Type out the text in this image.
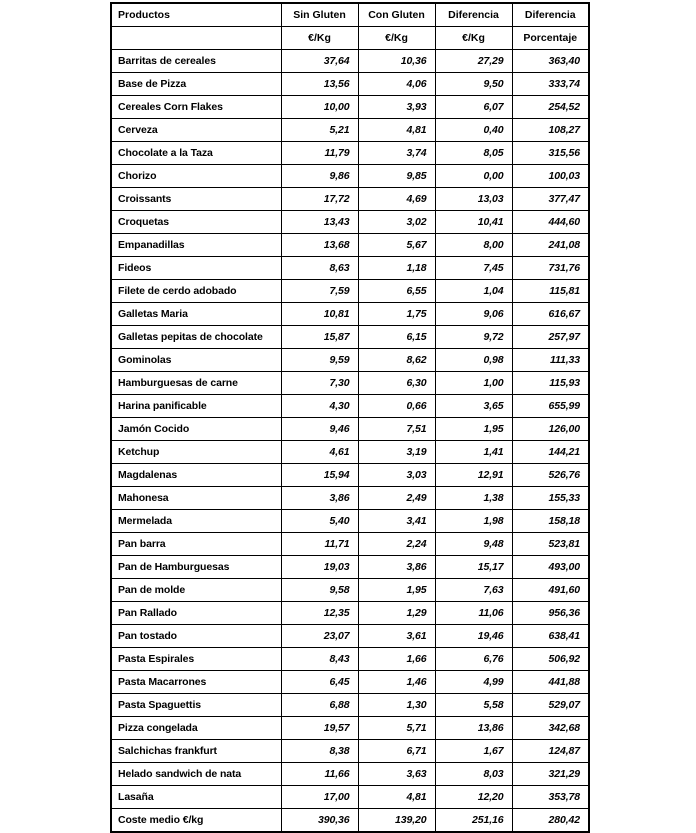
Productos	Sin Gluten	Con Gluten	Diferencia	Diferencia
	€/Kg	€/Kg	€/Kg	Porcentaje
Barritas de cereales	37,64	10,36	27,29	363,40
Base de Pizza	13,56	4,06	9,50	333,74
Cereales Corn Flakes	10,00	3,93	6,07	254,52
Cerveza	5,21	4,81	0,40	108,27
Chocolate a la Taza	11,79	3,74	8,05	315,56
Chorizo	9,86	9,85	0,00	100,03
Croissants	17,72	4,69	13,03	377,47
Croquetas	13,43	3,02	10,41	444,60
Empanadillas	13,68	5,67	8,00	241,08
Fideos	8,63	1,18	7,45	731,76
Filete de cerdo adobado	7,59	6,55	1,04	115,81
Galletas Maria	10,81	1,75	9,06	616,67
Galletas pepitas de chocolate	15,87	6,15	9,72	257,97
Gominolas	9,59	8,62	0,98	111,33
Hamburguesas de carne	7,30	6,30	1,00	115,93
Harina panificable	4,30	0,66	3,65	655,99
Jamón Cocido	9,46	7,51	1,95	126,00
Ketchup	4,61	3,19	1,41	144,21
Magdalenas	15,94	3,03	12,91	526,76
Mahonesa	3,86	2,49	1,38	155,33
Mermelada	5,40	3,41	1,98	158,18
Pan barra	11,71	2,24	9,48	523,81
Pan de Hamburguesas	19,03	3,86	15,17	493,00
Pan de molde	9,58	1,95	7,63	491,60
Pan Rallado	12,35	1,29	11,06	956,36
Pan tostado	23,07	3,61	19,46	638,41
Pasta Espirales	8,43	1,66	6,76	506,92
Pasta Macarrones	6,45	1,46	4,99	441,88
Pasta Spaguettis	6,88	1,30	5,58	529,07
Pizza congelada	19,57	5,71	13,86	342,68
Salchichas frankfurt	8,38	6,71	1,67	124,87
Helado sandwich de nata	11,66	3,63	8,03	321,29
Lasaña	17,00	4,81	12,20	353,78
Coste medio €/kg	390,36	139,20	251,16	280,42
